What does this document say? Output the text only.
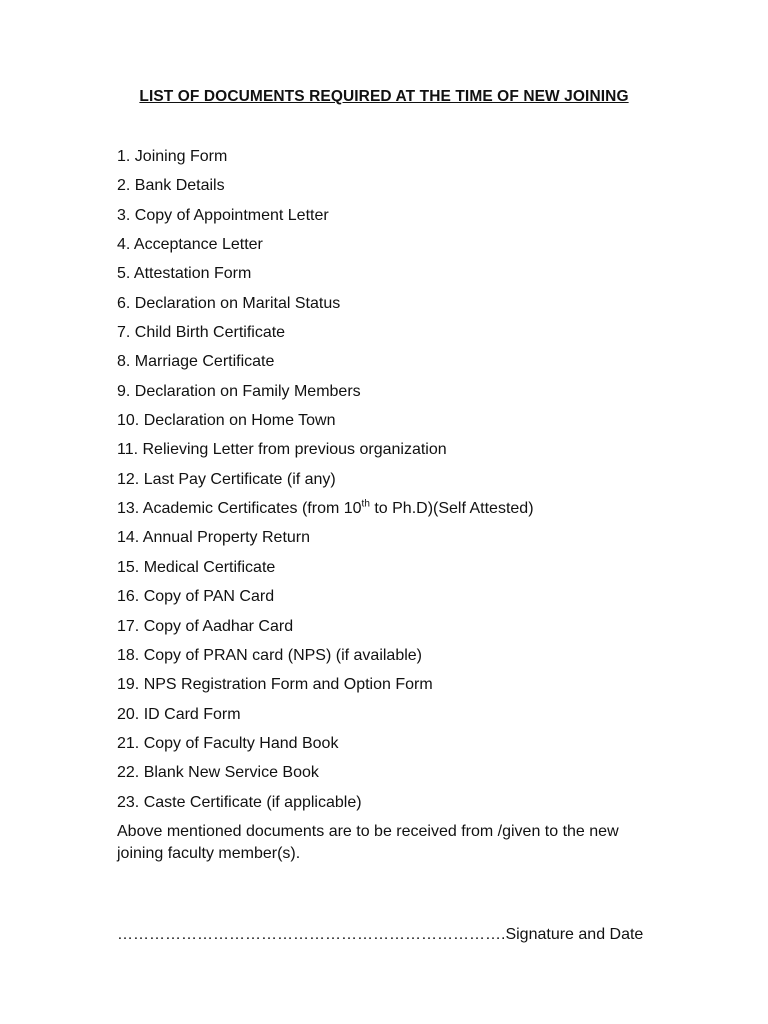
LIST OF DOCUMENTS REQUIRED AT THE TIME OF NEW JOINING
1. Joining Form
2. Bank Details
3. Copy of Appointment Letter
4. Acceptance Letter
5. Attestation Form
6. Declaration on Marital Status
7. Child Birth Certificate
8. Marriage Certificate
9. Declaration on Family Members
10. Declaration on Home Town
11. Relieving Letter from previous organization
12. Last Pay Certificate (if any)
13. Academic Certificates (from 10th to Ph.D)(Self Attested)
14. Annual Property Return
15. Medical Certificate
16. Copy of PAN Card
17. Copy of Aadhar Card
18. Copy of PRAN card (NPS) (if available)
19. NPS Registration Form and Option Form
20. ID Card Form
21. Copy of Faculty Hand Book
22. Blank New Service Book
23. Caste Certificate (if applicable)
Above mentioned documents are to be received from /given to the new joining faculty member(s).
……………………………………………………………….Signature and Date
